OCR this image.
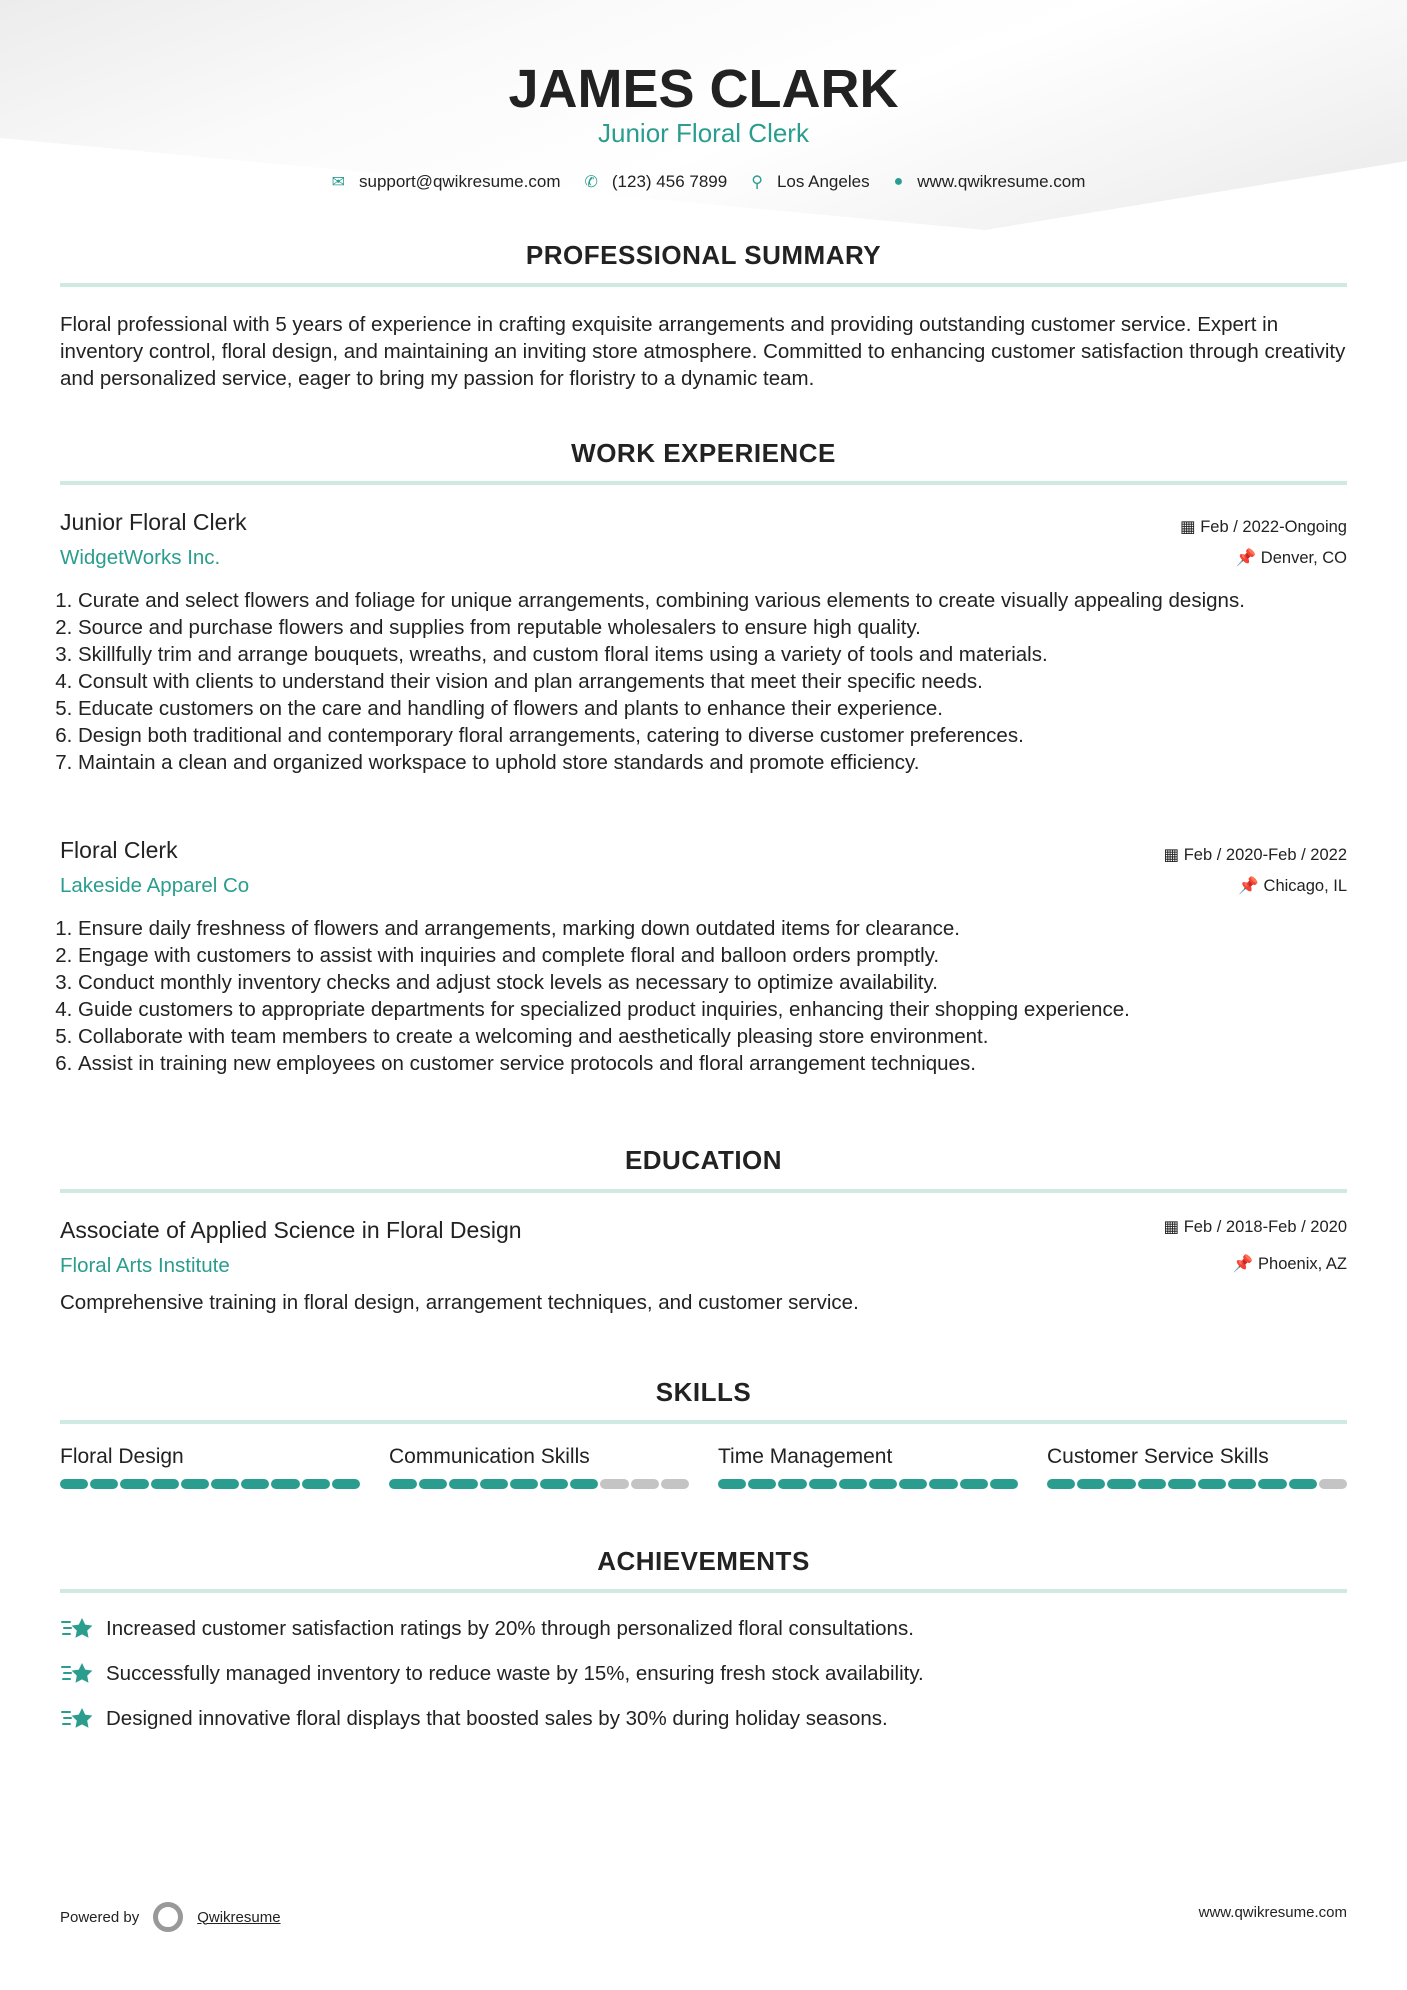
JAMES CLARK
Junior Floral Clerk
✉ support@qwikresume.com ✆ (123) 456 7899 ⚲ Los Angeles ● www.qwikresume.com
PROFESSIONAL SUMMARY
Floral professional with 5 years of experience in crafting exquisite arrangements and providing outstanding customer service. Expert in inventory control, floral design, and maintaining an inviting store atmosphere. Committed to enhancing customer satisfaction through creativity and personalized service, eager to bring my passion for floristry to a dynamic team.
WORK EXPERIENCE
Junior Floral Clerk	▦ Feb / 2022-Ongoing
WidgetWorks Inc.	📌 Denver, CO
1. Curate and select flowers and foliage for unique arrangements, combining various elements to create visually appealing designs.
2. Source and purchase flowers and supplies from reputable wholesalers to ensure high quality.
3. Skillfully trim and arrange bouquets, wreaths, and custom floral items using a variety of tools and materials.
4. Consult with clients to understand their vision and plan arrangements that meet their specific needs.
5. Educate customers on the care and handling of flowers and plants to enhance their experience.
6. Design both traditional and contemporary floral arrangements, catering to diverse customer preferences.
7. Maintain a clean and organized workspace to uphold store standards and promote efficiency.
Floral Clerk	▦ Feb / 2020-Feb / 2022
Lakeside Apparel Co	📌 Chicago, IL
1. Ensure daily freshness of flowers and arrangements, marking down outdated items for clearance.
2. Engage with customers to assist with inquiries and complete floral and balloon orders promptly.
3. Conduct monthly inventory checks and adjust stock levels as necessary to optimize availability.
4. Guide customers to appropriate departments for specialized product inquiries, enhancing their shopping experience.
5. Collaborate with team members to create a welcoming and aesthetically pleasing store environment.
6. Assist in training new employees on customer service protocols and floral arrangement techniques.
EDUCATION
Associate of Applied Science in Floral Design	▦ Feb / 2018-Feb / 2020
Floral Arts Institute	📌 Phoenix, AZ
Comprehensive training in floral design, arrangement techniques, and customer service.
SKILLS
Floral Design	Communication Skills	Time Management	Customer Service Skills
ACHIEVEMENTS
Increased customer satisfaction ratings by 20% through personalized floral consultations.
Successfully managed inventory to reduce waste by 15%, ensuring fresh stock availability.
Designed innovative floral displays that boosted sales by 30% during holiday seasons.
Powered by	Qwikresume	www.qwikresume.com
